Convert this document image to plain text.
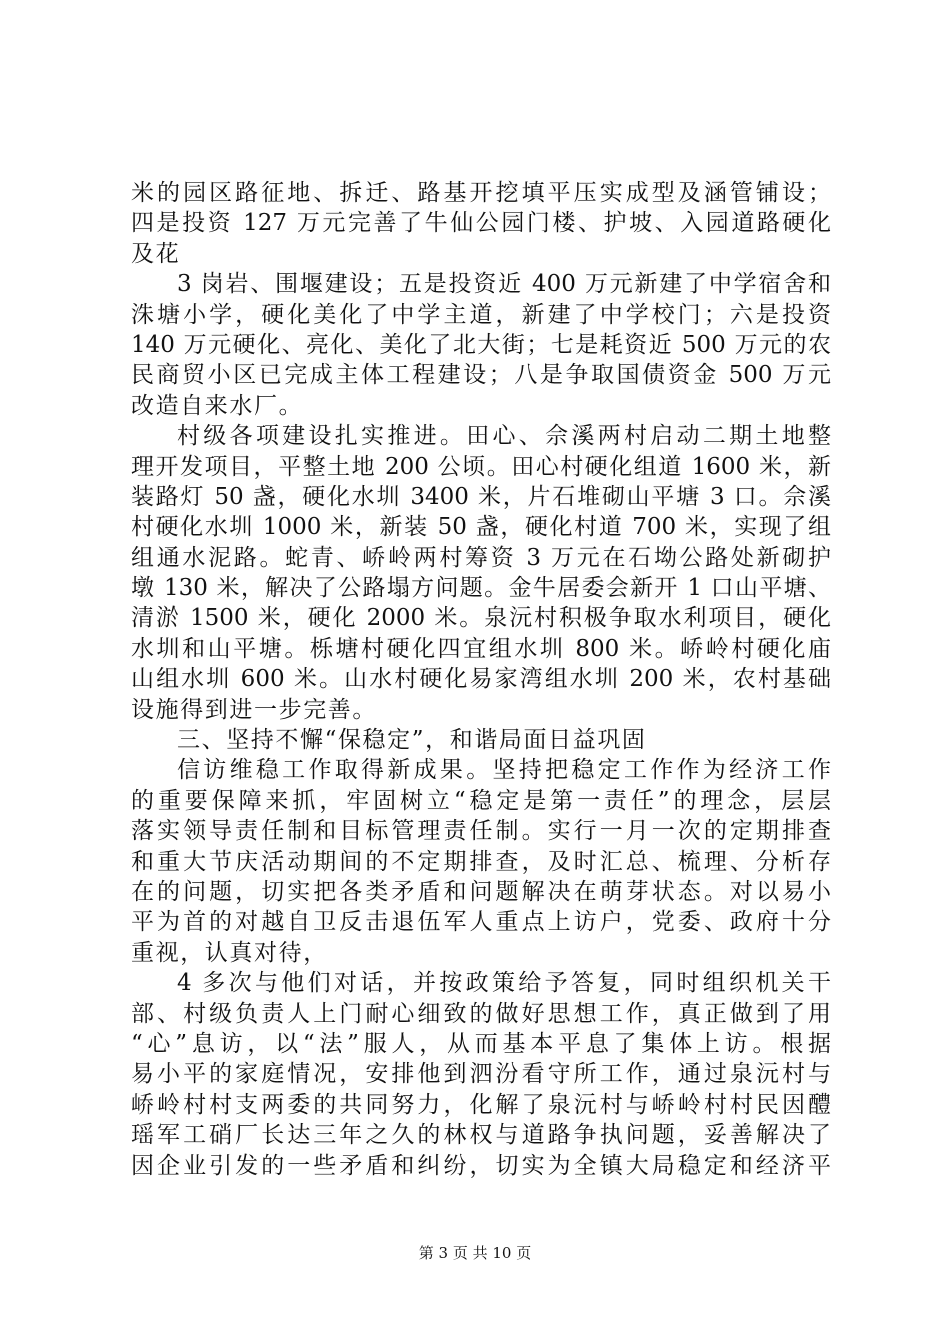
米的园区路征地、拆迁、路基开挖填平压实成型及涵管铺设；
四是投资 127 万元完善了牛仙公园门楼、护坡、入园道路硬化
及花
3 岗岩、围堰建设；五是投资近 400 万元新建了中学宿舍和
洙塘小学，硬化美化了中学主道，新建了中学校门；六是投资
140 万元硬化、亮化、美化了北大街；七是耗资近 500 万元的农
民商贸小区已完成主体工程建设；八是争取国债资金 500 万元
改造自来水厂。
村级各项建设扎实推进。田心、佘溪两村启动二期土地整
理开发项目，平整土地 200 公顷。田心村硬化组道 1600 米，新
装路灯 50 盏，硬化水圳 3400 米，片石堆砌山平塘 3 口。佘溪
村硬化水圳 1000 米，新装 50 盏，硬化村道 700 米，实现了组
组通水泥路。蛇青、峤岭两村筹资 3 万元在石坳公路处新砌护
墩 130 米，解决了公路塌方问题。金牛居委会新开 1 口山平塘、
清淤 1500 米，硬化 2000 米。泉沅村积极争取水利项目，硬化
水圳和山平塘。栎塘村硬化四宜组水圳 800 米。峤岭村硬化庙
山组水圳 600 米。山水村硬化易家湾组水圳 200 米，农村基础
设施得到进一步完善。
三、坚持不懈“保稳定”，和谐局面日益巩固
信访维稳工作取得新成果。坚持把稳定工作作为经济工作
的重要保障来抓，牢固树立“稳定是第一责任”的理念，层层
落实领导责任制和目标管理责任制。实行一月一次的定期排查
和重大节庆活动期间的不定期排查，及时汇总、梳理、分析存
在的问题，切实把各类矛盾和问题解决在萌芽状态。对以易小
平为首的对越自卫反击退伍军人重点上访户，党委、政府十分
重视，认真对待，
4 多次与他们对话，并按政策给予答复，同时组织机关干
部、村级负责人上门耐心细致的做好思想工作，真正做到了用
“心”息访，以“法”服人，从而基本平息了集体上访。根据
易小平的家庭情况，安排他到泗汾看守所工作，通过泉沅村与
峤岭村村支两委的共同努力，化解了泉沅村与峤岭村村民因醴
瑶军工硝厂长达三年之久的林权与道路争执问题，妥善解决了
因企业引发的一些矛盾和纠纷，切实为全镇大局稳定和经济平
第 3 页 共 10 页
